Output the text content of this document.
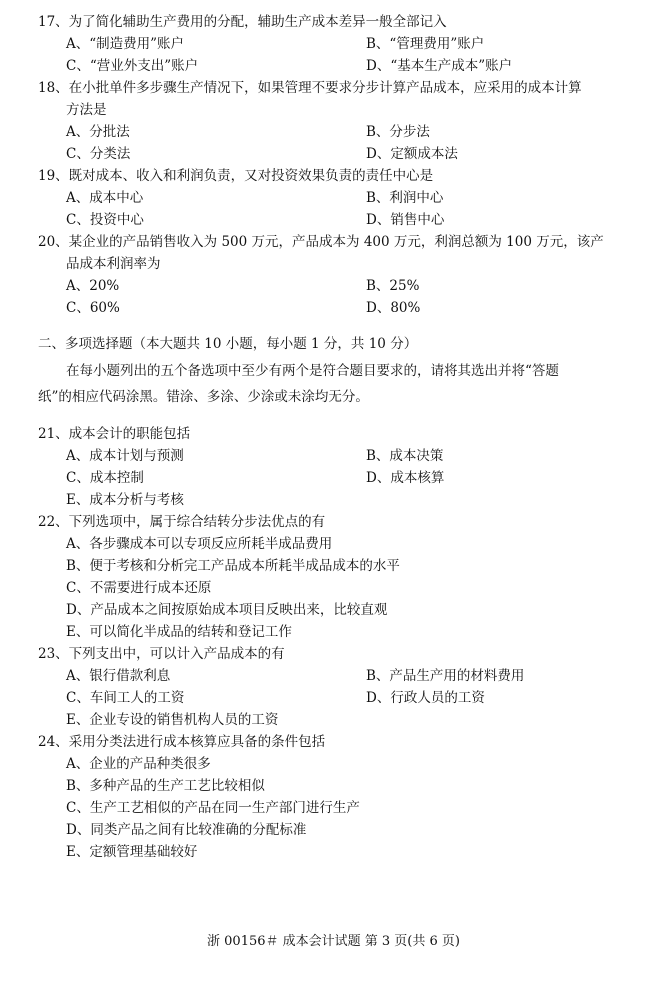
17、为了简化辅助生产费用的分配，辅助生产成本差异一般全部记入
A、“制造费用”账户	B、“管理费用”账户
C、“营业外支出”账户	D、“基本生产成本”账户
18、在小批单件多步骤生产情况下，如果管理不要求分步计算产品成本，应采用的成本计算
方法是
A、分批法	B、分步法
C、分类法	D、定额成本法
19、既对成本、收入和利润负责，又对投资效果负责的责任中心是
A、成本中心	B、利润中心
C、投资中心	D、销售中心
20、某企业的产品销售收入为 500 万元，产品成本为 400 万元，利润总额为 100 万元，该产
品成本利润率为
A、20%	B、25%
C、60%	D、80%
二、多项选择题（本大题共 10 小题，每小题 1 分，共 10 分）
在每小题列出的五个备选项中至少有两个是符合题目要求的，请将其选出并将“答题
纸”的相应代码涂黑。错涂、多涂、少涂或未涂均无分。
21、成本会计的职能包括
A、成本计划与预测	B、成本决策
C、成本控制	D、成本核算
E、成本分析与考核
22、下列选项中，属于综合结转分步法优点的有
A、各步骤成本可以专项反应所耗半成品费用
B、便于考核和分析完工产品成本所耗半成品成本的水平
C、不需要进行成本还原
D、产品成本之间按原始成本项目反映出来，比较直观
E、可以简化半成品的结转和登记工作
23、下列支出中，可以计入产品成本的有
A、银行借款利息	B、产品生产用的材料费用
C、车间工人的工资	D、行政人员的工资
E、企业专设的销售机构人员的工资
24、采用分类法进行成本核算应具备的条件包括
A、企业的产品种类很多
B、多种产品的生产工艺比较相似
C、生产工艺相似的产品在同一生产部门进行生产
D、同类产品之间有比较准确的分配标准
E、定额管理基础较好
浙 00156＃ 成本会计试题 第 3 页(共 6 页)
